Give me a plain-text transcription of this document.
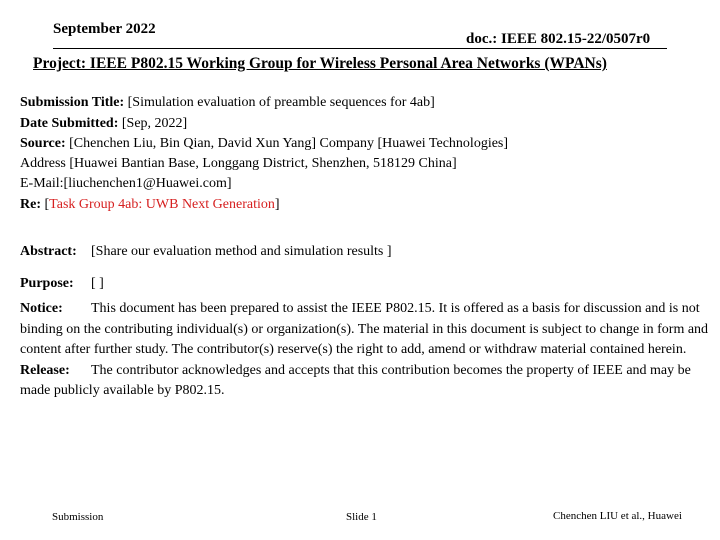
September 2022
doc.: IEEE 802.15-22/0507r0
Project: IEEE P802.15 Working Group for Wireless Personal Area Networks (WPANs)
Submission Title: [Simulation evaluation of preamble sequences for 4ab]
Date Submitted: [Sep, 2022]
Source: [Chenchen Liu, Bin Qian, David Xun Yang] Company [Huawei Technologies]
Address [Huawei Bantian Base, Longgang District, Shenzhen, 518129 China]
E-Mail:[liuchenchen1@Huawei.com]
Re: [Task Group 4ab: UWB Next Generation]
Abstract: [Share our evaluation method and simulation results ]
Purpose: [ ]
Notice: This document has been prepared to assist the IEEE P802.15. It is offered as a basis for discussion and is not binding on the contributing individual(s) or organization(s). The material in this document is subject to change in form and content after further study. The contributor(s) reserve(s) the right to add, amend or withdraw material contained herein.
Release: The contributor acknowledges and accepts that this contribution becomes the property of IEEE and may be made publicly available by P802.15.
Submission	Slide 1	Chenchen LIU et al., Huawei
